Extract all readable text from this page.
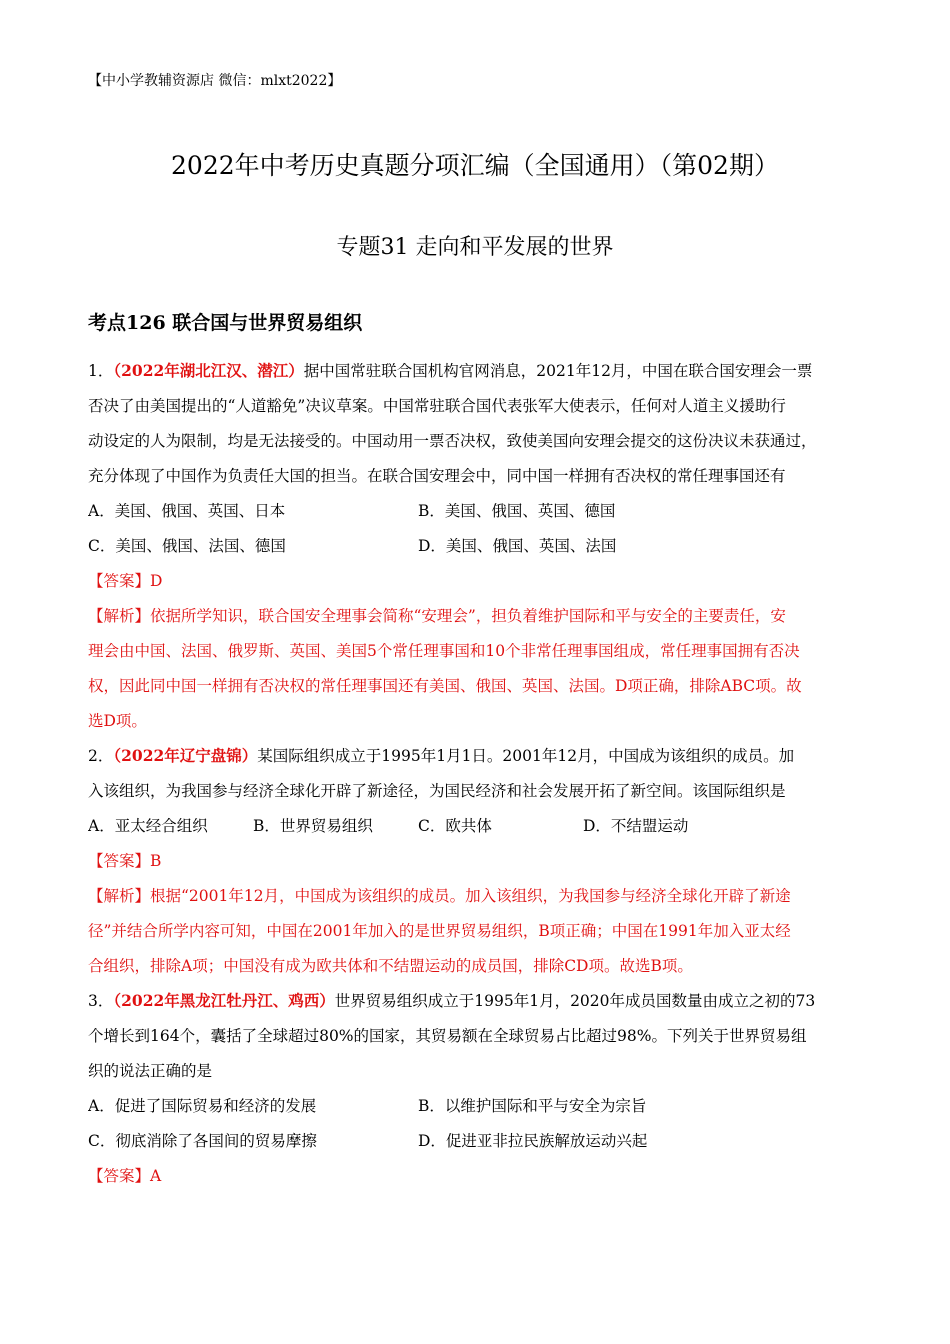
【中小学教辅资源店 微信：mlxt2022】
2022年中考历史真题分项汇编（全国通用）（第02期）
专题31 走向和平发展的世界
考点126 联合国与世界贸易组织
1．（2022年湖北江汉、潜江）据中国常驻联合国机构官网消息，2021年12月，中国在联合国安理会一票
否决了由美国提出的“人道豁免”决议草案。中国常驻联合国代表张军大使表示，任何对人道主义援助行
动设定的人为限制，均是无法接受的。中国动用一票否决权，致使美国向安理会提交的这份决议未获通过，
充分体现了中国作为负责任大国的担当。在联合国安理会中，同中国一样拥有否决权的常任理事国还有
A．美国、俄国、英国、日本	B．美国、俄国、英国、德国
C．美国、俄国、法国、德国	D．美国、俄国、英国、法国
【答案】D
【解析】依据所学知识，联合国安全理事会简称“安理会”，担负着维护国际和平与安全的主要责任，安
理会由中国、法国、俄罗斯、英国、美国5个常任理事国和10个非常任理事国组成，常任理事国拥有否决
权，因此同中国一样拥有否决权的常任理事国还有美国、俄国、英国、法国。D项正确，排除ABC项。故
选D项。
2．（2022年辽宁盘锦）某国际组织成立于1995年1月1日。2001年12月，中国成为该组织的成员。加
入该组织，为我国参与经济全球化开辟了新途径，为国民经济和社会发展开拓了新空间。该国际组织是
A．亚太经合组织	B．世界贸易组织	C．欧共体	D．不结盟运动
【答案】B
【解析】根据“2001年12月，中国成为该组织的成员。加入该组织，为我国参与经济全球化开辟了新途
径”并结合所学内容可知，中国在2001年加入的是世界贸易组织，B项正确；中国在1991年加入亚太经
合组织，排除A项；中国没有成为欧共体和不结盟运动的成员国，排除CD项。故选B项。
3．（2022年黑龙江牡丹江、鸡西）世界贸易组织成立于1995年1月，2020年成员国数量由成立之初的73
个增长到164个，囊括了全球超过80%的国家，其贸易额在全球贸易占比超过98%。下列关于世界贸易组
织的说法正确的是
A．促进了国际贸易和经济的发展	B．以维护国际和平与安全为宗旨
C．彻底消除了各国间的贸易摩擦	D．促进亚非拉民族解放运动兴起
【答案】A
